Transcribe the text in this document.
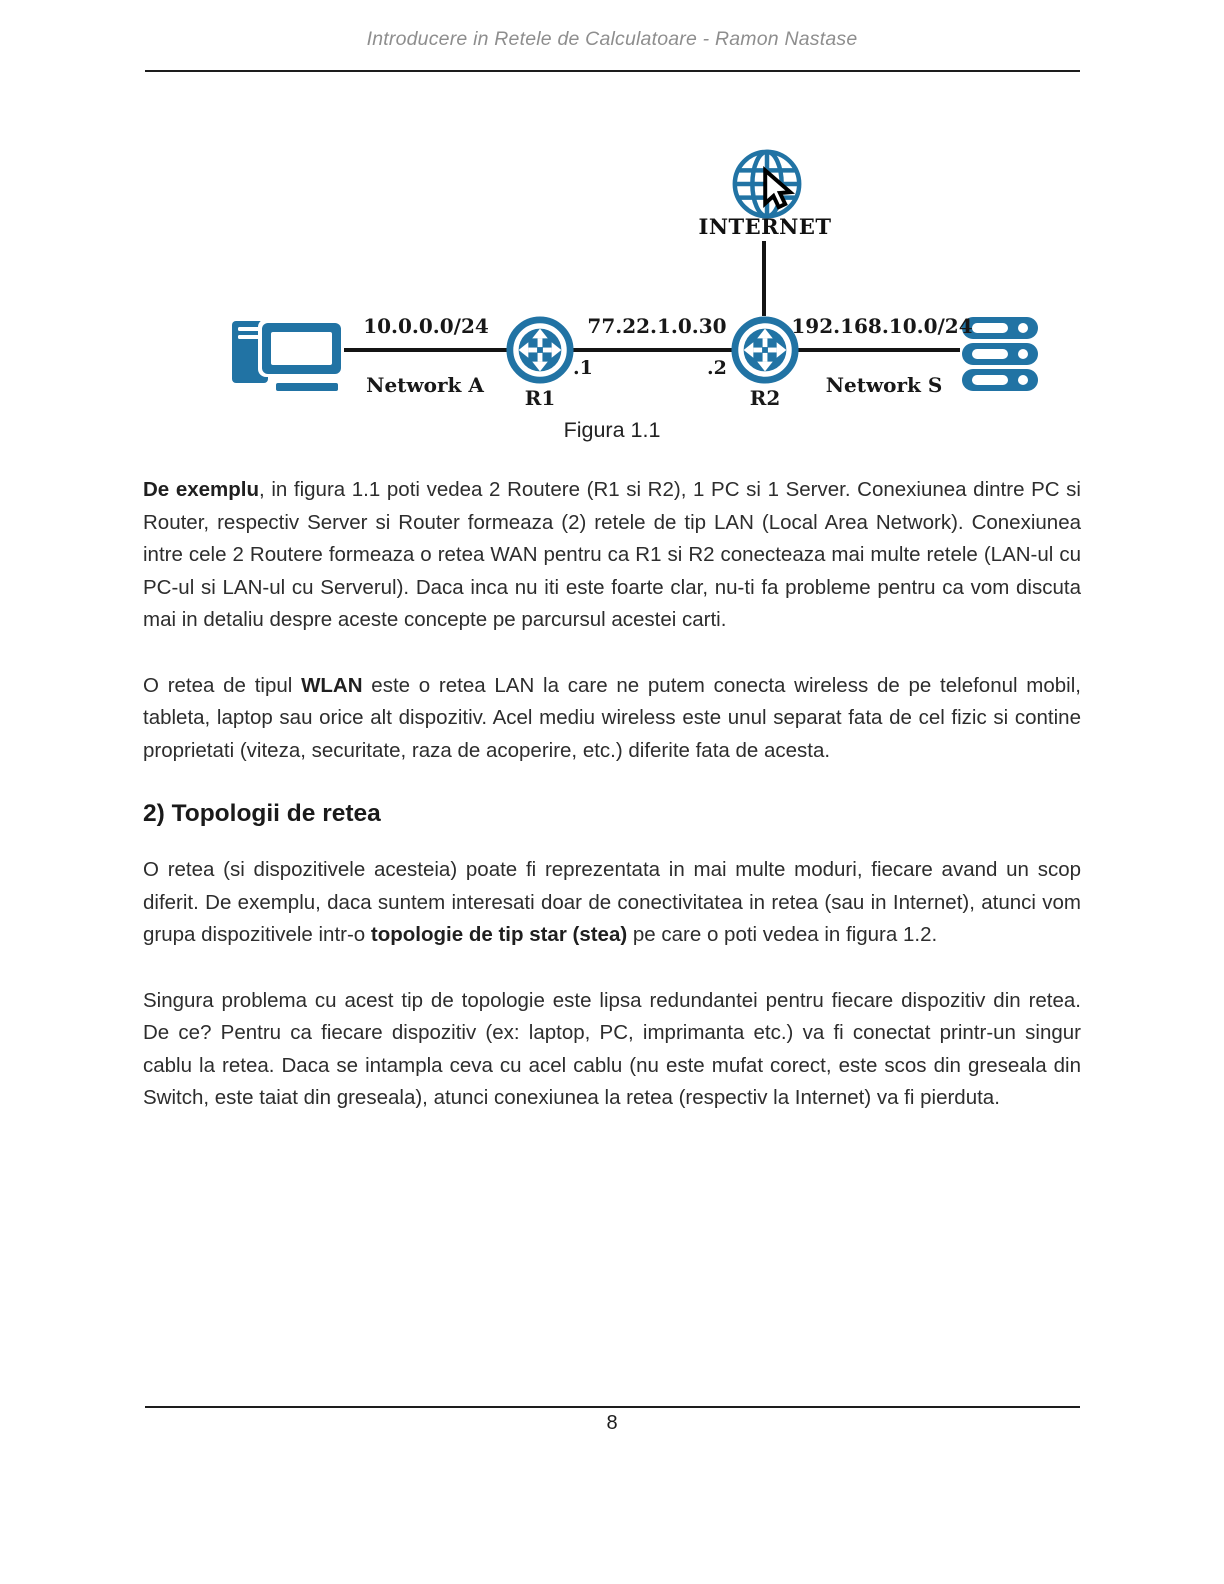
Introducere in Retele de Calculatoare - Ramon Nastase
INTERNET
10.0.0.0/24
Network A
R1
.1
77.22.1.0.30
.2
R2
192.168.10.0/24
Network S
Figura 1.1

De exemplu, in figura 1.1 poti vedea 2 Routere (R1 si R2), 1 PC si 1 Server. Conexiunea dintre PC si Router, respectiv Server si Router formeaza (2) retele de tip LAN (Local Area Network). Conexiunea intre cele 2 Routere formeaza o retea WAN pentru ca R1 si R2 conecteaza mai multe retele (LAN-ul cu PC-ul si LAN-ul cu Serverul). Daca inca nu iti este foarte clar, nu-ti fa probleme pentru ca vom discuta mai in detaliu despre aceste concepte pe parcursul acestei carti.

O retea de tipul WLAN este o retea LAN la care ne putem conecta wireless de pe telefonul mobil, tableta, laptop sau orice alt dispozitiv. Acel mediu wireless este unul separat fata de cel fizic si contine proprietati (viteza, securitate, raza de acoperire, etc.) diferite fata de acesta.

2) Topologii de retea

O retea (si dispozitivele acesteia) poate fi reprezentata in mai multe moduri, fiecare avand un scop diferit. De exemplu, daca suntem interesati doar de conectivitatea in retea (sau in Internet), atunci vom grupa dispozitivele intr-o topologie de tip star (stea) pe care o poti vedea in figura 1.2.

Singura problema cu acest tip de topologie este lipsa redundantei pentru fiecare dispozitiv din retea. De ce? Pentru ca fiecare dispozitiv (ex: laptop, PC, imprimanta etc.) va fi conectat printr-un singur cablu la retea. Daca se intampla ceva cu acel cablu (nu este mufat corect, este scos din greseala din Switch, este taiat din greseala), atunci conexiunea la retea (respectiv la Internet) va fi pierduta.

8
